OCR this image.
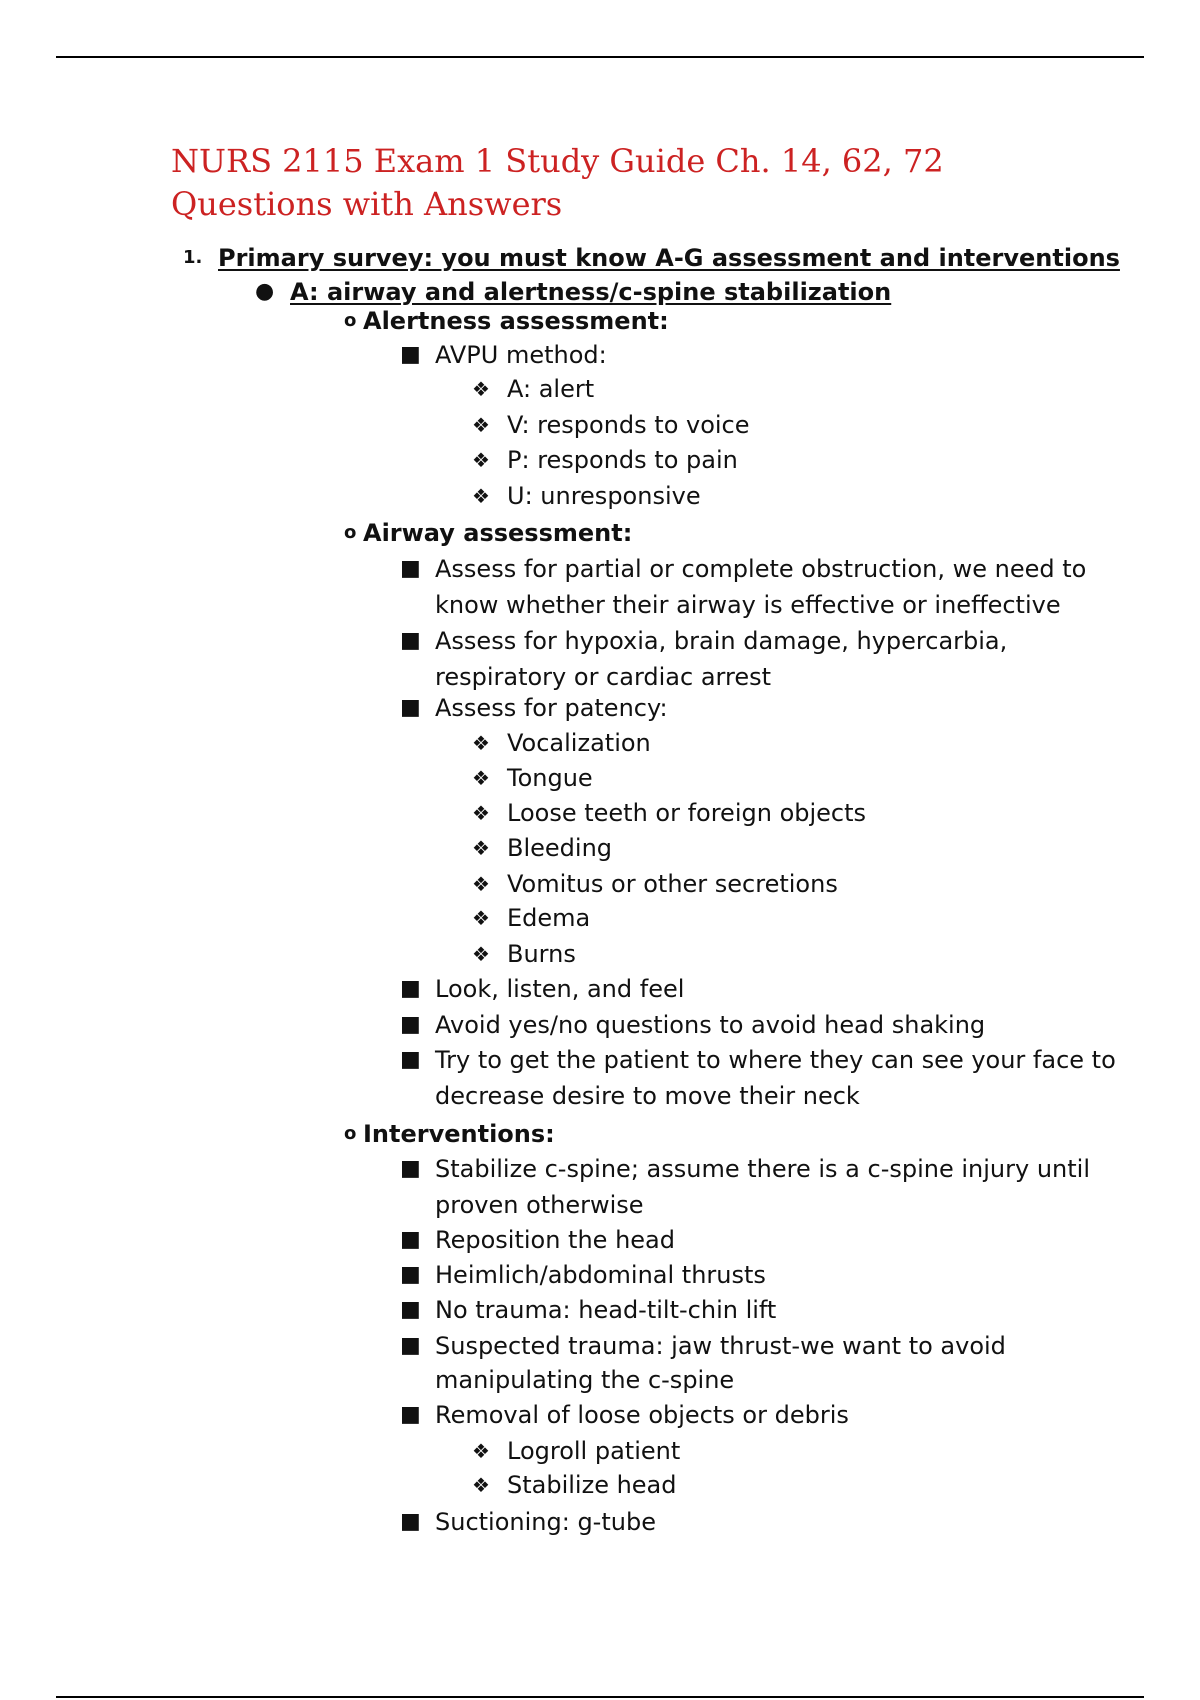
NURS 2115 Exam 1 Study Guide Ch. 14, 62, 72 Questions with Answers
1. Primary survey: you must know A-G assessment and interventions
● A: airway and alertness/c-spine stabilization
o Alertness assessment:
■ AVPU method:
❖ A: alert
❖ V: responds to voice
❖ P: responds to pain
❖ U: unresponsive
o Airway assessment:
■ Assess for partial or complete obstruction, we need to
know whether their airway is effective or ineffective
■ Assess for hypoxia, brain damage, hypercarbia,
respiratory or cardiac arrest
■ Assess for patency:
❖ Vocalization
❖ Tongue
❖ Loose teeth or foreign objects
❖ Bleeding
❖ Vomitus or other secretions
❖ Edema
❖ Burns
■ Look, listen, and feel
■ Avoid yes/no questions to avoid head shaking
■ Try to get the patient to where they can see your face to
decrease desire to move their neck
o Interventions:
■ Stabilize c-spine; assume there is a c-spine injury until
proven otherwise
■ Reposition the head
■ Heimlich/abdominal thrusts
■ No trauma: head-tilt-chin lift
■ Suspected trauma: jaw thrust-we want to avoid
manipulating the c-spine
■ Removal of loose objects or debris
❖ Logroll patient
❖ Stabilize head
■ Suctioning: g-tube
